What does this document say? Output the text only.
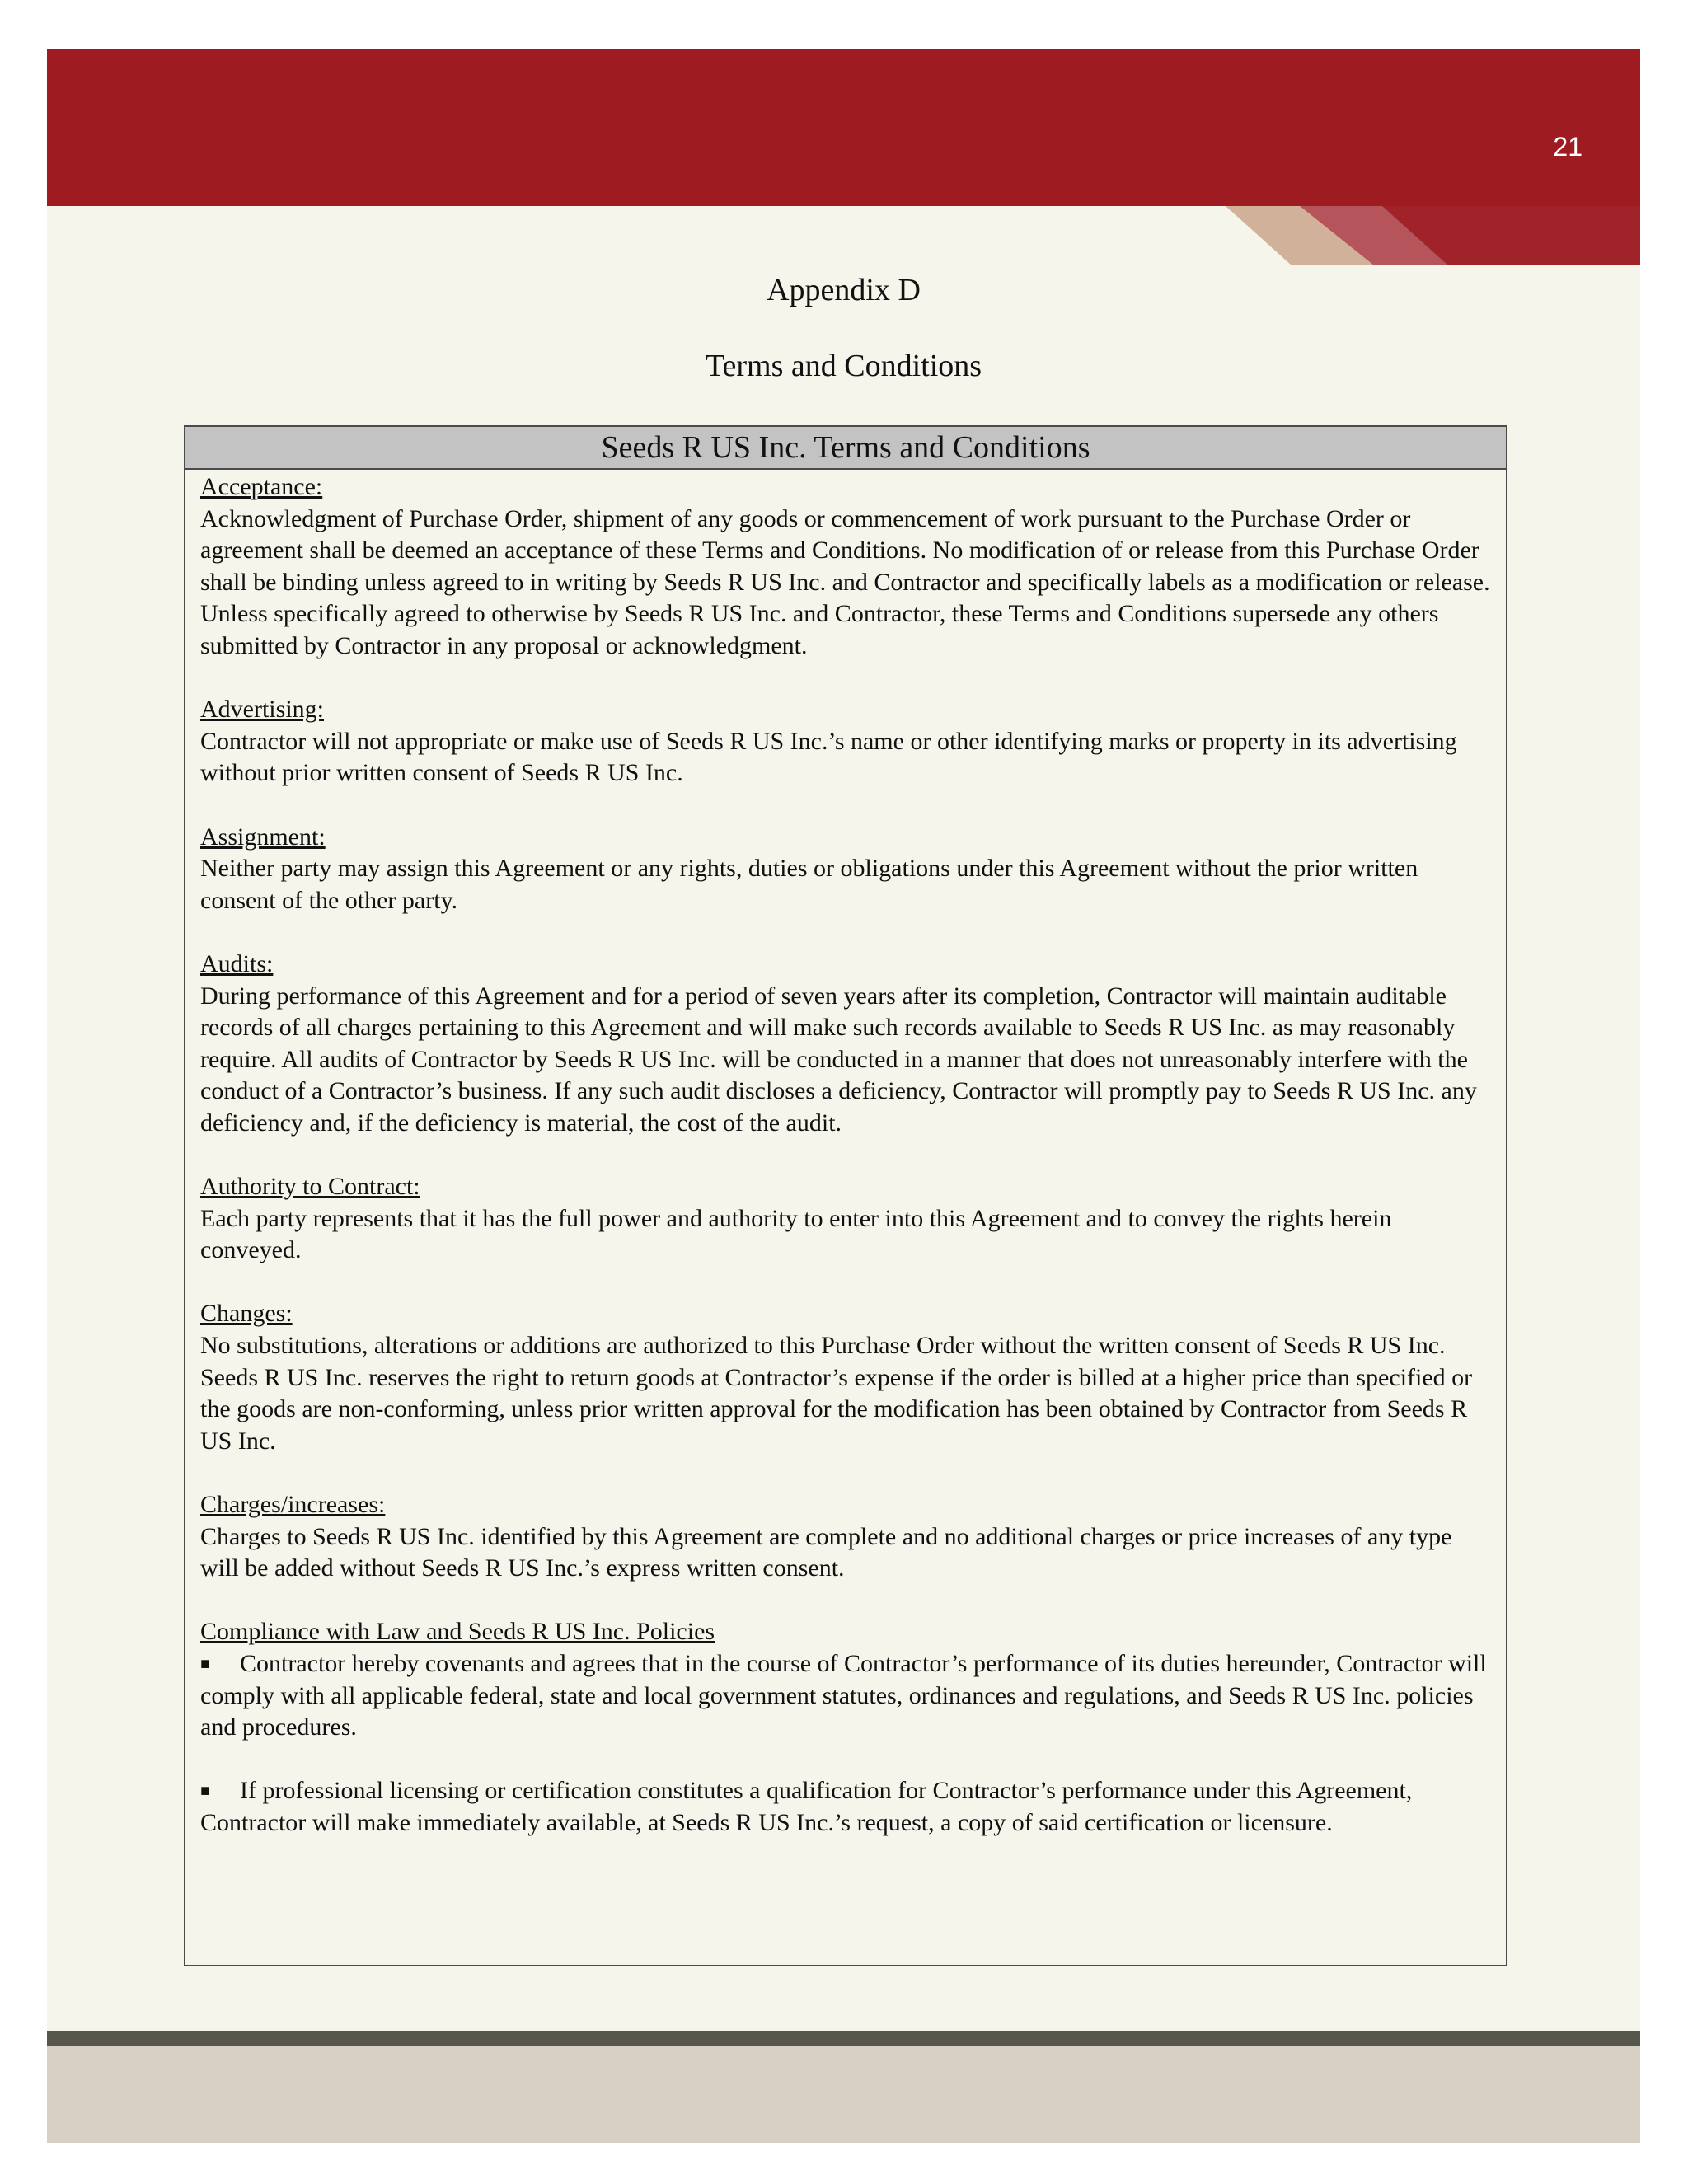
21
Appendix D
Terms and Conditions
Seeds R US Inc. Terms and Conditions
Acceptance:

Acknowledgment of Purchase Order, shipment of any goods or commencement of work pursuant to the Purchase Order or agreement shall be deemed an acceptance of these Terms and Conditions. No modification of or release from this Purchase Order shall be binding unless agreed to in writing by Seeds R US Inc. and Contractor and specifically labels as a modification or release. Unless specifically agreed to otherwise by Seeds R US Inc. and Contractor, these Terms and Conditions supersede any others submitted by Contractor in any proposal or acknowledgment.

Advertising:

Contractor will not appropriate or make use of Seeds R US Inc.’s name or other identifying marks or property in its advertising without prior written consent of Seeds R US Inc.

Assignment:

Neither party may assign this Agreement or any rights, duties or obligations under this Agreement without the prior written consent of the other party.

Audits:

During performance of this Agreement and for a period of seven years after its completion, Contractor will maintain auditable records of all charges pertaining to this Agreement and will make such records available to Seeds R US Inc. as may reasonably require. All audits of Contractor by Seeds R US Inc. will be conducted in a manner that does not unreasonably interfere with the conduct of a Contractor’s business. If any such audit discloses a deficiency, Contractor will promptly pay to Seeds R US Inc. any deficiency and, if the deficiency is material, the cost of the audit.

Authority to Contract:

Each party represents that it has the full power and authority to enter into this Agreement and to convey the rights herein conveyed.

Changes:

No substitutions, alterations or additions are authorized to this Purchase Order without the written consent of Seeds R US Inc. Seeds R US Inc. reserves the right to return goods at Contractor’s expense if the order is billed at a higher price than specified or the goods are non-conforming, unless prior written approval for the modification has been obtained by Contractor from Seeds R US Inc.

Charges/increases:

Charges to Seeds R US Inc. identified by this Agreement are complete and no additional charges or price increases of any type will be added without Seeds R US Inc.’s express written consent.

Compliance with Law and Seeds R US Inc. Policies
■ Contractor hereby covenants and agrees that in the course of Contractor’s performance of its duties hereunder, Contractor will comply with all applicable federal, state and local government statutes, ordinances and regulations, and Seeds R US Inc. policies and procedures.
■ If professional licensing or certification constitutes a qualification for Contractor’s performance under this Agreement, Contractor will make immediately available, at Seeds R US Inc.’s request, a copy of said certification or licensure.
